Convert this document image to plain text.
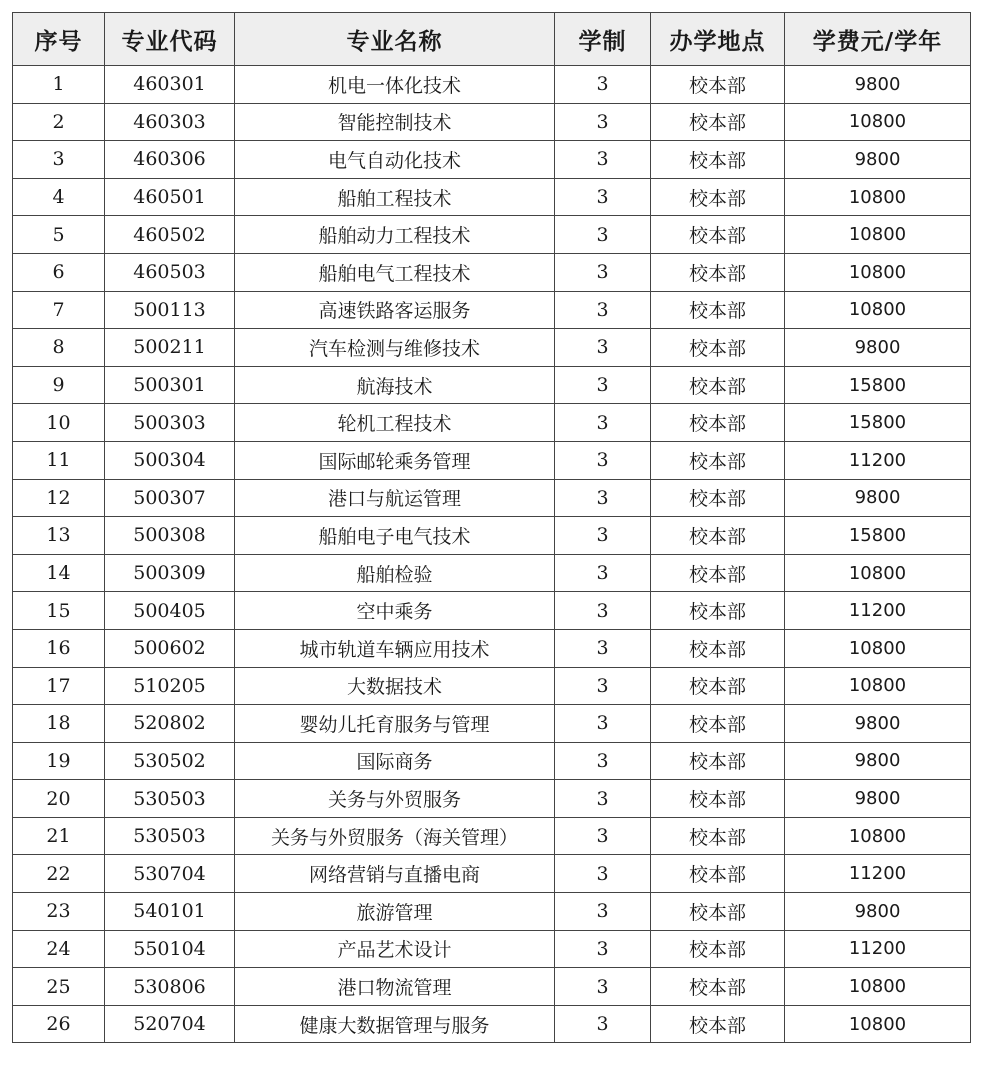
序号	专业代码	专业名称	学制	办学地点	学费元/学年
1	460301	机电一体化技术	3	校本部	9800
2	460303	智能控制技术	3	校本部	10800
3	460306	电气自动化技术	3	校本部	9800
4	460501	船舶工程技术	3	校本部	10800
5	460502	船舶动力工程技术	3	校本部	10800
6	460503	船舶电气工程技术	3	校本部	10800
7	500113	高速铁路客运服务	3	校本部	10800
8	500211	汽车检测与维修技术	3	校本部	9800
9	500301	航海技术	3	校本部	15800
10	500303	轮机工程技术	3	校本部	15800
11	500304	国际邮轮乘务管理	3	校本部	11200
12	500307	港口与航运管理	3	校本部	9800
13	500308	船舶电子电气技术	3	校本部	15800
14	500309	船舶检验	3	校本部	10800
15	500405	空中乘务	3	校本部	11200
16	500602	城市轨道车辆应用技术	3	校本部	10800
17	510205	大数据技术	3	校本部	10800
18	520802	婴幼儿托育服务与管理	3	校本部	9800
19	530502	国际商务	3	校本部	9800
20	530503	关务与外贸服务	3	校本部	9800
21	530503	关务与外贸服务（海关管理）	3	校本部	10800
22	530704	网络营销与直播电商	3	校本部	11200
23	540101	旅游管理	3	校本部	9800
24	550104	产品艺术设计	3	校本部	11200
25	530806	港口物流管理	3	校本部	10800
26	520704	健康大数据管理与服务	3	校本部	10800
